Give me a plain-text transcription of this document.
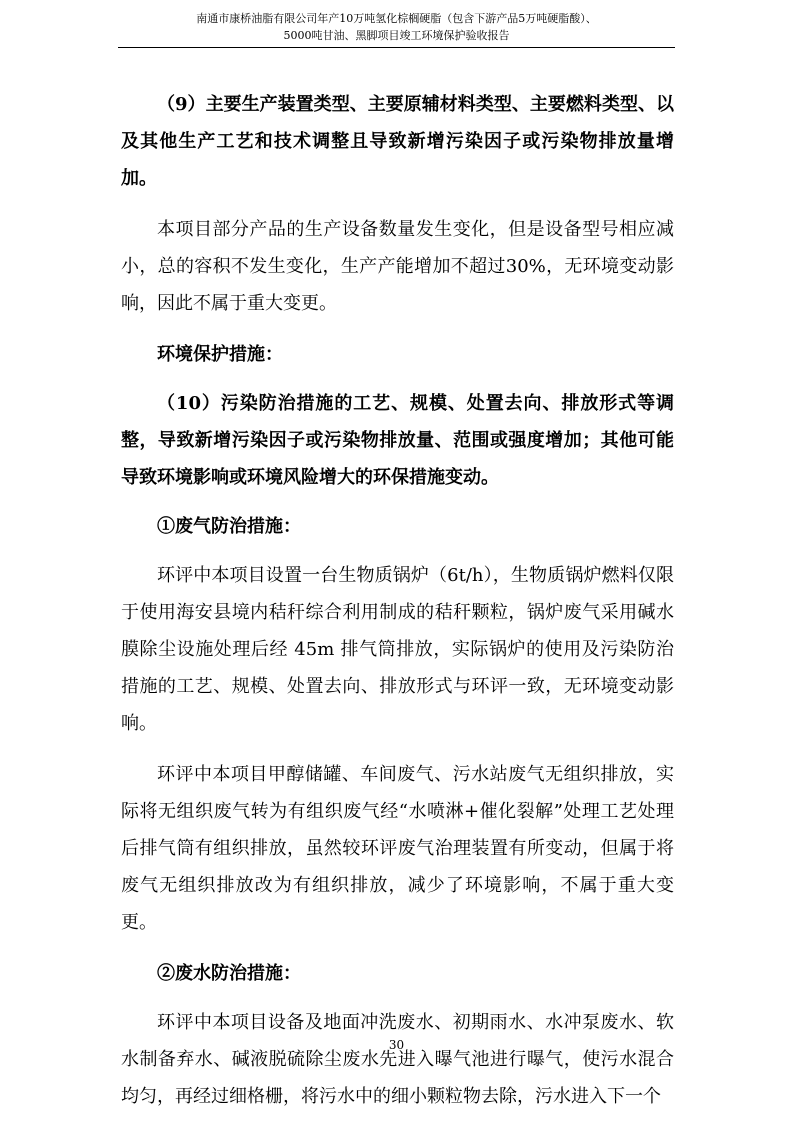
南通市康桥油脂有限公司年产10万吨氢化棕榈硬脂（包含下游产品5万吨硬脂酸）、
5000吨甘油、黑脚项目竣工环境保护验收报告

（9）主要生产装置类型、主要原辅材料类型、主要燃料类型、以及其他生产工艺和技术调整且导致新增污染因子或污染物排放量增加。

本项目部分产品的生产设备数量发生变化，但是设备型号相应减小，总的容积不发生变化，生产产能增加不超过30%，无环境变动影响，因此不属于重大变更。

环境保护措施：

（10）污染防治措施的工艺、规模、处置去向、排放形式等调整，导致新增污染因子或污染物排放量、范围或强度增加；其他可能导致环境影响或环境风险增大的环保措施变动。

①废气防治措施：

环评中本项目设置一台生物质锅炉（6t/h），生物质锅炉燃料仅限于使用海安县境内秸秆综合利用制成的秸秆颗粒，锅炉废气采用碱水膜除尘设施处理后经 45m 排气筒排放，实际锅炉的使用及污染防治措施的工艺、规模、处置去向、排放形式与环评一致，无环境变动影响。

环评中本项目甲醇储罐、车间废气、污水站废气无组织排放，实际将无组织废气转为有组织废气经“水喷淋+催化裂解”处理工艺处理后排气筒有组织排放，虽然较环评废气治理装置有所变动，但属于将废气无组织排放改为有组织排放，减少了环境影响，不属于重大变更。

②废水防治措施：

环评中本项目设备及地面冲洗废水、初期雨水、水冲泵废水、软水制备弃水、碱液脱硫除尘废水先进入曝气池进行曝气，使污水混合均匀，再经过细格栅，将污水中的细小颗粒物去除，污水进入下一个

30
